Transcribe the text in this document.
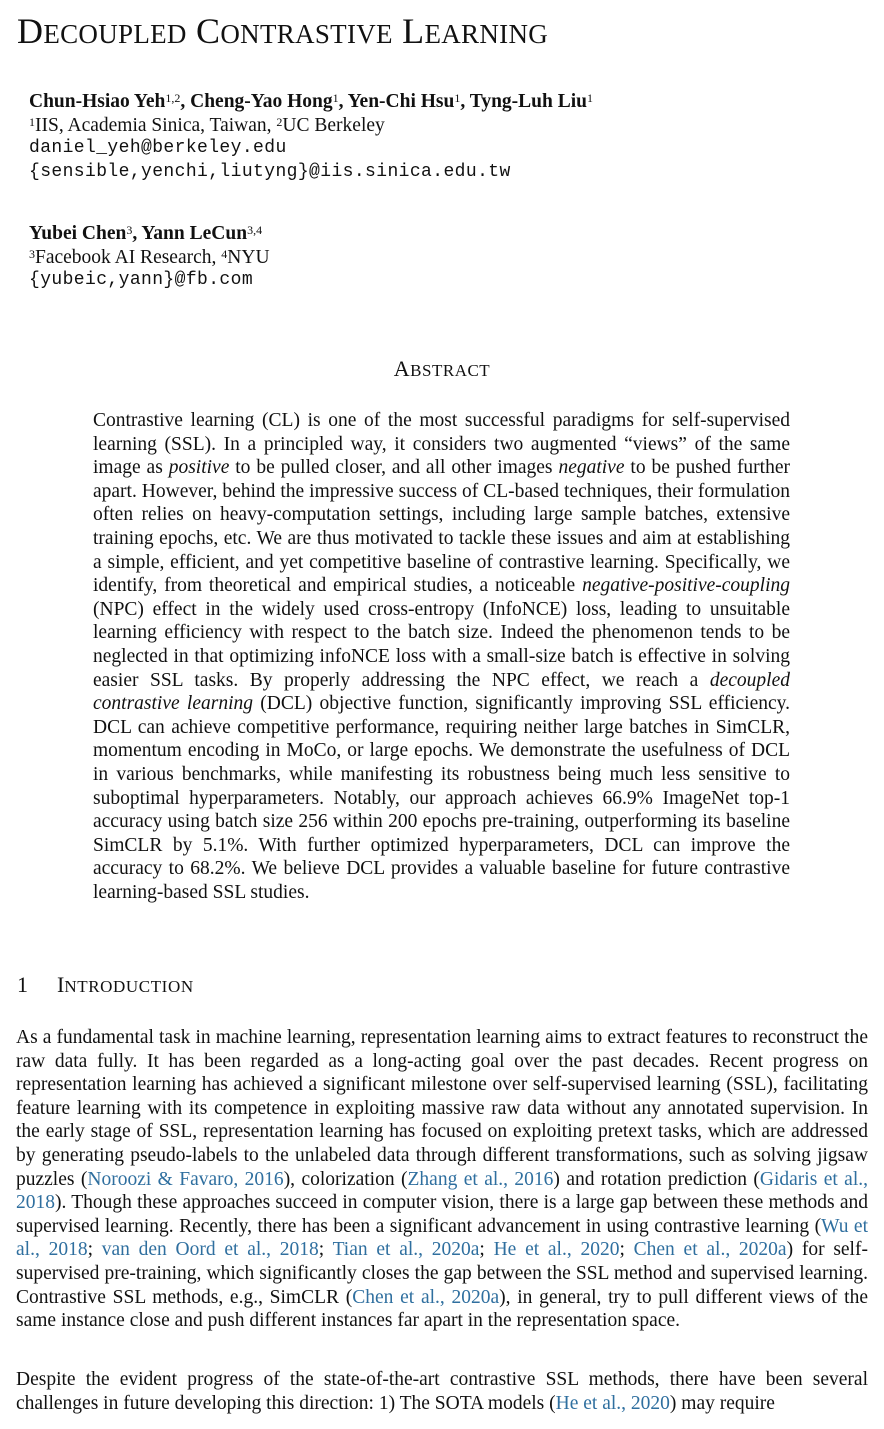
DECOUPLED CONTRASTIVE LEARNING
Chun-Hsiao Yeh$^{1,2}$, Cheng-Yao Hong$^1$, Yen-Chi Hsu$^1$, Tyng-Luh Liu$^1$
$^1$IIS, Academia Sinica, Taiwan, $^2$UC Berkeley
daniel_yeh@berkeley.edu
{sensible,yenchi,liutyng}@iis.sinica.edu.tw
Yubei Chen$^3$, Yann LeCun$^{3,4}$
$^3$Facebook AI Research, $^4$NYU
{yubeic,yann}@fb.com
ABSTRACT
Contrastive learning (CL) is one of the most successful paradigms for self-supervised learning (SSL). In a principled way, it considers two augmented “views” of the same image as positive to be pulled closer, and all other images negative to be pushed further apart. However, behind the impressive success of CL-based techniques, their formulation often relies on heavy-computation settings, including large sample batches, extensive training epochs, etc. We are thus motivated to tackle these issues and aim at establishing a simple, efficient, and yet competitive baseline of contrastive learning. Specifically, we identify, from theoretical and empirical studies, a noticeable negative-positive-coupling (NPC) effect in the widely used cross-entropy (InfoNCE) loss, leading to unsuitable learning efficiency with respect to the batch size. Indeed the phenomenon tends to be neglected in that optimizing infoNCE loss with a small-size batch is effective in solving easier SSL tasks. By properly addressing the NPC effect, we reach a decoupled contrastive learning (DCL) objective function, significantly improving SSL efficiency. DCL can achieve competitive performance, requiring neither large batches in SimCLR, momentum encoding in MoCo, or large epochs. We demonstrate the usefulness of DCL in various benchmarks, while manifesting its robustness being much less sensitive to suboptimal hyperparameters. Notably, our approach achieves 66.9% ImageNet top-1 accuracy using batch size 256 within 200 epochs pre-training, outperforming its baseline SimCLR by 5.1%. With further optimized hyperparameters, DCL can improve the accuracy to 68.2%. We believe DCL provides a valuable baseline for future contrastive learning-based SSL studies.
1 INTRODUCTION
As a fundamental task in machine learning, representation learning aims to extract features to reconstruct the raw data fully. It has been regarded as a long-acting goal over the past decades. Recent progress on representation learning has achieved a significant milestone over self-supervised learning (SSL), facilitating feature learning with its competence in exploiting massive raw data without any annotated supervision. In the early stage of SSL, representation learning has focused on exploiting pretext tasks, which are addressed by generating pseudo-labels to the unlabeled data through different transformations, such as solving jigsaw puzzles (Noroozi & Favaro, 2016), colorization (Zhang et al., 2016) and rotation prediction (Gidaris et al., 2018). Though these approaches succeed in computer vision, there is a large gap between these methods and supervised learning. Recently, there has been a significant advancement in using contrastive learning (Wu et al., 2018; van den Oord et al., 2018; Tian et al., 2020a; He et al., 2020; Chen et al., 2020a) for self-supervised pre-training, which significantly closes the gap between the SSL method and supervised learning. Contrastive SSL methods, e.g., SimCLR (Chen et al., 2020a), in general, try to pull different views of the same instance close and push different instances far apart in the representation space.
Despite the evident progress of the state-of-the-art contrastive SSL methods, there have been several challenges in future developing this direction: 1) The SOTA models (He et al., 2020) may require
